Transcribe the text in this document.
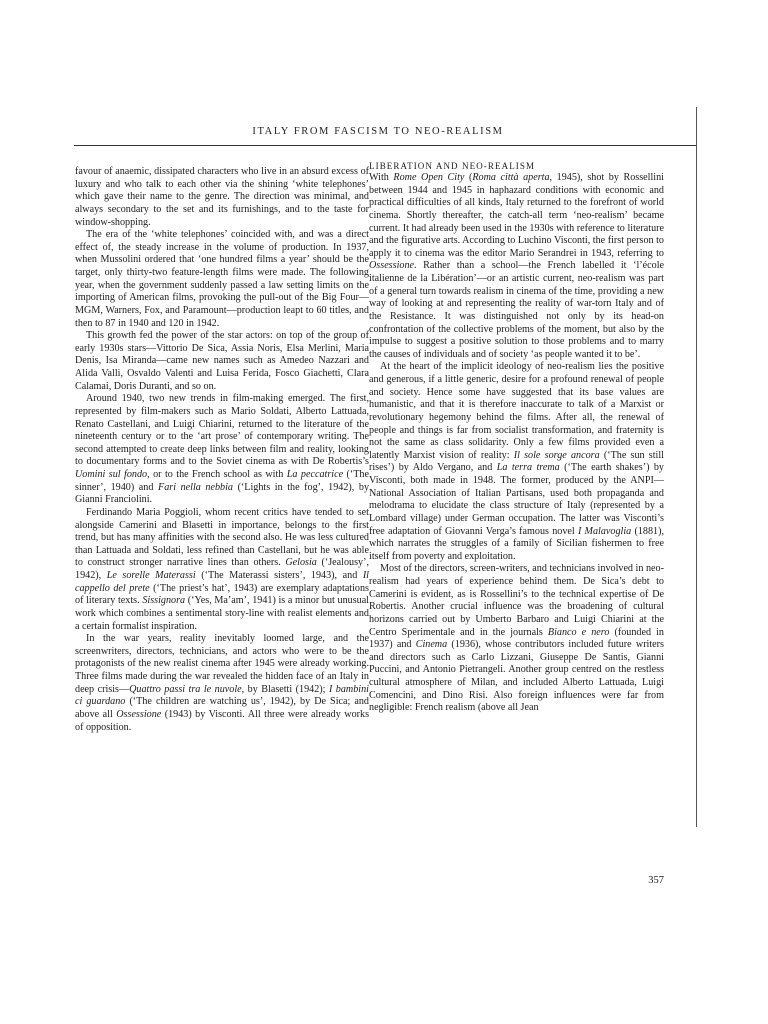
ITALY FROM FASCISM TO NEO-REALISM

favour of anaemic, dissipated characters who live in an absurd excess of luxury and who talk to each other via the shining ‘white telephones’ which gave their name to the genre. The direction was minimal, and always secondary to the set and its furnishings, and to the taste for window-shopping.

The era of the ‘white telephones’ coincided with, and was a direct effect of, the steady increase in the volume of production. In 1937, when Mussolini ordered that ‘one hundred films a year’ should be the target, only thirty-two feature-length films were made. The following year, when the government suddenly passed a law setting limits on the importing of American films, provoking the pull-out of the Big Four—MGM, Warners, Fox, and Paramount—production leapt to 60 titles, and then to 87 in 1940 and 120 in 1942.

This growth fed the power of the star actors: on top of the group of early 1930s stars—Vittorio De Sica, Assia Noris, Elsa Merlini, Maria Denis, Isa Miranda—came new names such as Amedeo Nazzari and Alida Valli, Osvaldo Valenti and Luisa Ferida, Fosco Giachetti, Clara Calamai, Doris Duranti, and so on.

Around 1940, two new trends in film-making emerged. The first, represented by film-makers such as Mario Soldati, Alberto Lattuada, Renato Castellani, and Luigi Chiarini, returned to the literature of the nineteenth century or to the ‘art prose’ of contemporary writing. The second attempted to create deep links between film and reality, looking to documentary forms and to the Soviet cinema as with De Robertis’s Uomini sul fondo, or to the French school as with La peccatrice (‘The sinner’, 1940) and Fari nella nebbia (‘Lights in the fog’, 1942), by Gianni Franciolini.

Ferdinando Maria Poggioli, whom recent critics have tended to set alongside Camerini and Blasetti in importance, belongs to the first trend, but has many affinities with the second also. He was less cultured than Lattuada and Soldati, less refined than Castellani, but he was able to construct stronger narrative lines than others. Gelosia (‘Jealousy’, 1942), Le sorelle Materassi (‘The Materassi sisters’, 1943), and Il cappello del prete (‘The priest’s hat’, 1943) are exemplary adaptations of literary texts. Sissignora (‘Yes, Ma’am’, 1941) is a minor but unusual work which combines a sentimental story-line with realist elements and a certain formalist inspiration.

In the war years, reality inevitably loomed large, and the screenwriters, directors, technicians, and actors who were to be the protagonists of the new realist cinema after 1945 were already working. Three films made during the war revealed the hidden face of an Italy in deep crisis—Quattro passi tra le nuvole, by Blasetti (1942); I bambini ci guardano (‘The children are watching us’, 1942), by De Sica; and above all Ossessione (1943) by Visconti. All three were already works of opposition.

LIBERATION AND NEO-REALISM

With Rome Open City (Roma città aperta, 1945), shot by Rossellini between 1944 and 1945 in haphazard conditions with economic and practical difficulties of all kinds, Italy returned to the forefront of world cinema. Shortly thereafter, the catch-all term ‘neo-realism’ became current. It had already been used in the 1930s with reference to literature and the figurative arts. According to Luchino Visconti, the first person to apply it to cinema was the editor Mario Serandrei in 1943, referring to Ossessione. Rather than a school—the French labelled it ‘l’école italienne de la Libération’—or an artistic current, neo-realism was part of a general turn towards realism in cinema of the time, providing a new way of looking at and representing the reality of war-torn Italy and of the Resistance. It was distinguished not only by its head-on confrontation of the collective problems of the moment, but also by the impulse to suggest a positive solution to those problems and to marry the causes of individuals and of society ‘as people wanted it to be’.

At the heart of the implicit ideology of neo-realism lies the positive and generous, if a little generic, desire for a profound renewal of people and society. Hence some have suggested that its base values are humanistic, and that it is therefore inaccurate to talk of a Marxist or revolutionary hegemony behind the films. After all, the renewal of people and things is far from socialist transformation, and fraternity is not the same as class solidarity. Only a few films provided even a latently Marxist vision of reality: Il sole sorge ancora (‘The sun still rises’) by Aldo Vergano, and La terra trema (‘The earth shakes’) by Visconti, both made in 1948. The former, produced by the ANPI—National Association of Italian Partisans, used both propaganda and melodrama to elucidate the class structure of Italy (represented by a Lombard village) under German occupation. The latter was Visconti’s free adaptation of Giovanni Verga’s famous novel I Malavoglia (1881), which narrates the struggles of a family of Sicilian fishermen to free itself from poverty and exploitation.

Most of the directors, screen-writers, and technicians involved in neo-realism had years of experience behind them. De Sica’s debt to Camerini is evident, as is Rossellini’s to the technical expertise of De Robertis. Another crucial influence was the broadening of cultural horizons carried out by Umberto Barbaro and Luigi Chiarini at the Centro Sperimentale and in the journals Bianco e nero (founded in 1937) and Cinema (1936), whose contributors included future writers and directors such as Carlo Lizzani, Giuseppe De Santis, Gianni Puccini, and Antonio Pietrangeli. Another group centred on the restless cultural atmosphere of Milan, and included Alberto Lattuada, Luigi Comencini, and Dino Risi. Also foreign influences were far from negligible: French realism (above all Jean

357
